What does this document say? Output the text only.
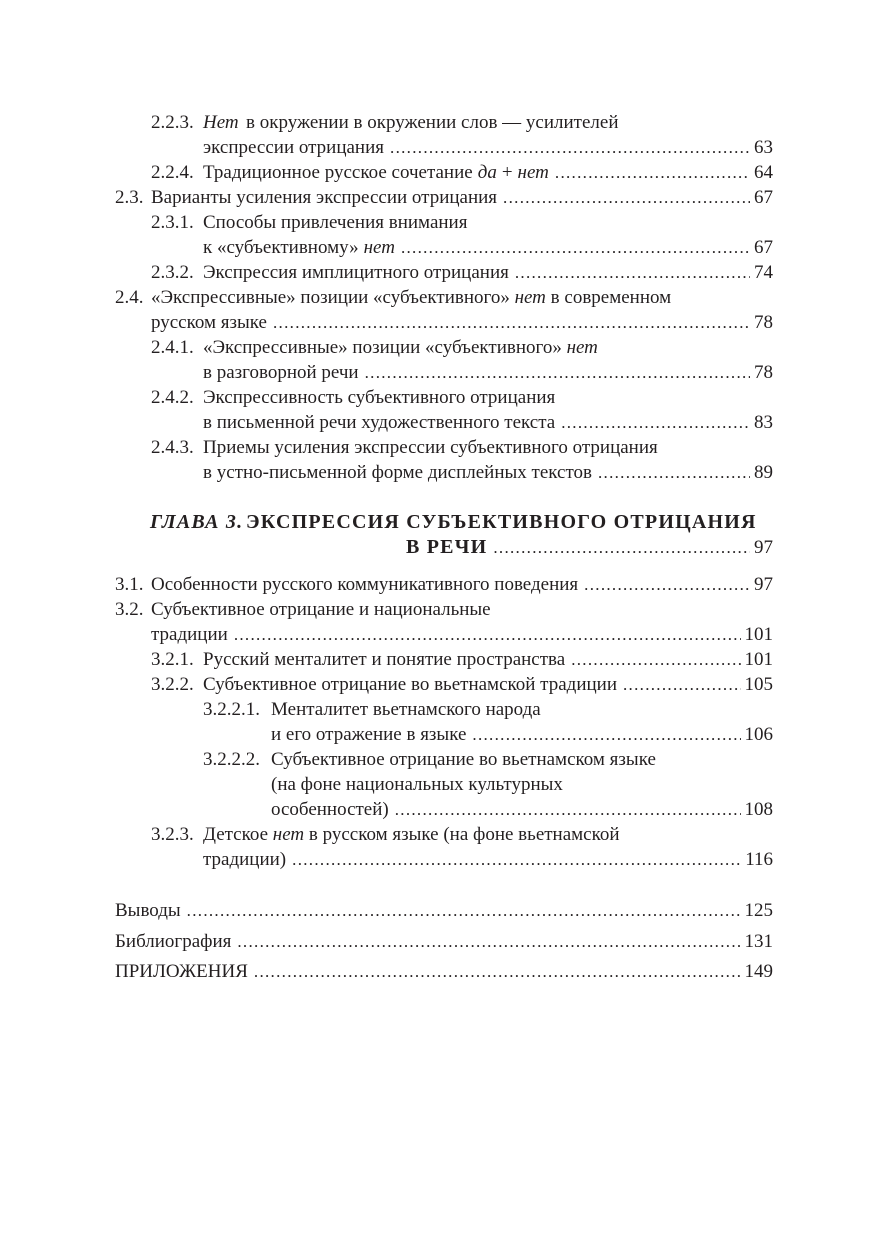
2.2.3. Нет в окружении в окружении слов — усилителей
экспрессии отрицания .....	63
2.2.4. Традиционное русское сочетание да + нет .....	64
2.3. Варианты усиления экспрессии отрицания .....	67
2.3.1. Способы привлечения внимания
к «субъективному» нет .....	67
2.3.2. Экспрессия имплицитного отрицания .....	74
2.4. «Экспрессивные» позиции «субъективного» нет в современном
русском языке .....	78
2.4.1. «Экспрессивные» позиции «субъективного» нет
в разговорной речи .....	78
2.4.2. Экспрессивность субъективного отрицания
в письменной речи художественного текста .....	83
2.4.3. Приемы усиления экспрессии субъективного отрицания
в устно-письменной форме дисплейных текстов .....	89
ГЛАВА 3. ЭКСПРЕССИЯ СУБЪЕКТИВНОГО ОТРИЦАНИЯ
В РЕЧИ .....	97
3.1. Особенности русского коммуникативного поведения .....	97
3.2. Субъективное отрицание и национальные
традиции .....	101
3.2.1. Русский менталитет и понятие пространства .....	101
3.2.2. Субъективное отрицание во вьетнамской традиции .....	105
3.2.2.1. Менталитет вьетнамского народа
и его отражение в языке .....	106
3.2.2.2. Субъективное отрицание во вьетнамском языке
(на фоне национальных культурных
особенностей) .....	108
3.2.3. Детское нет в русском языке (на фоне вьетнамской
традиции) .....	116
Выводы .....	125
Библиография .....	131
ПРИЛОЖЕНИЯ .....	149
